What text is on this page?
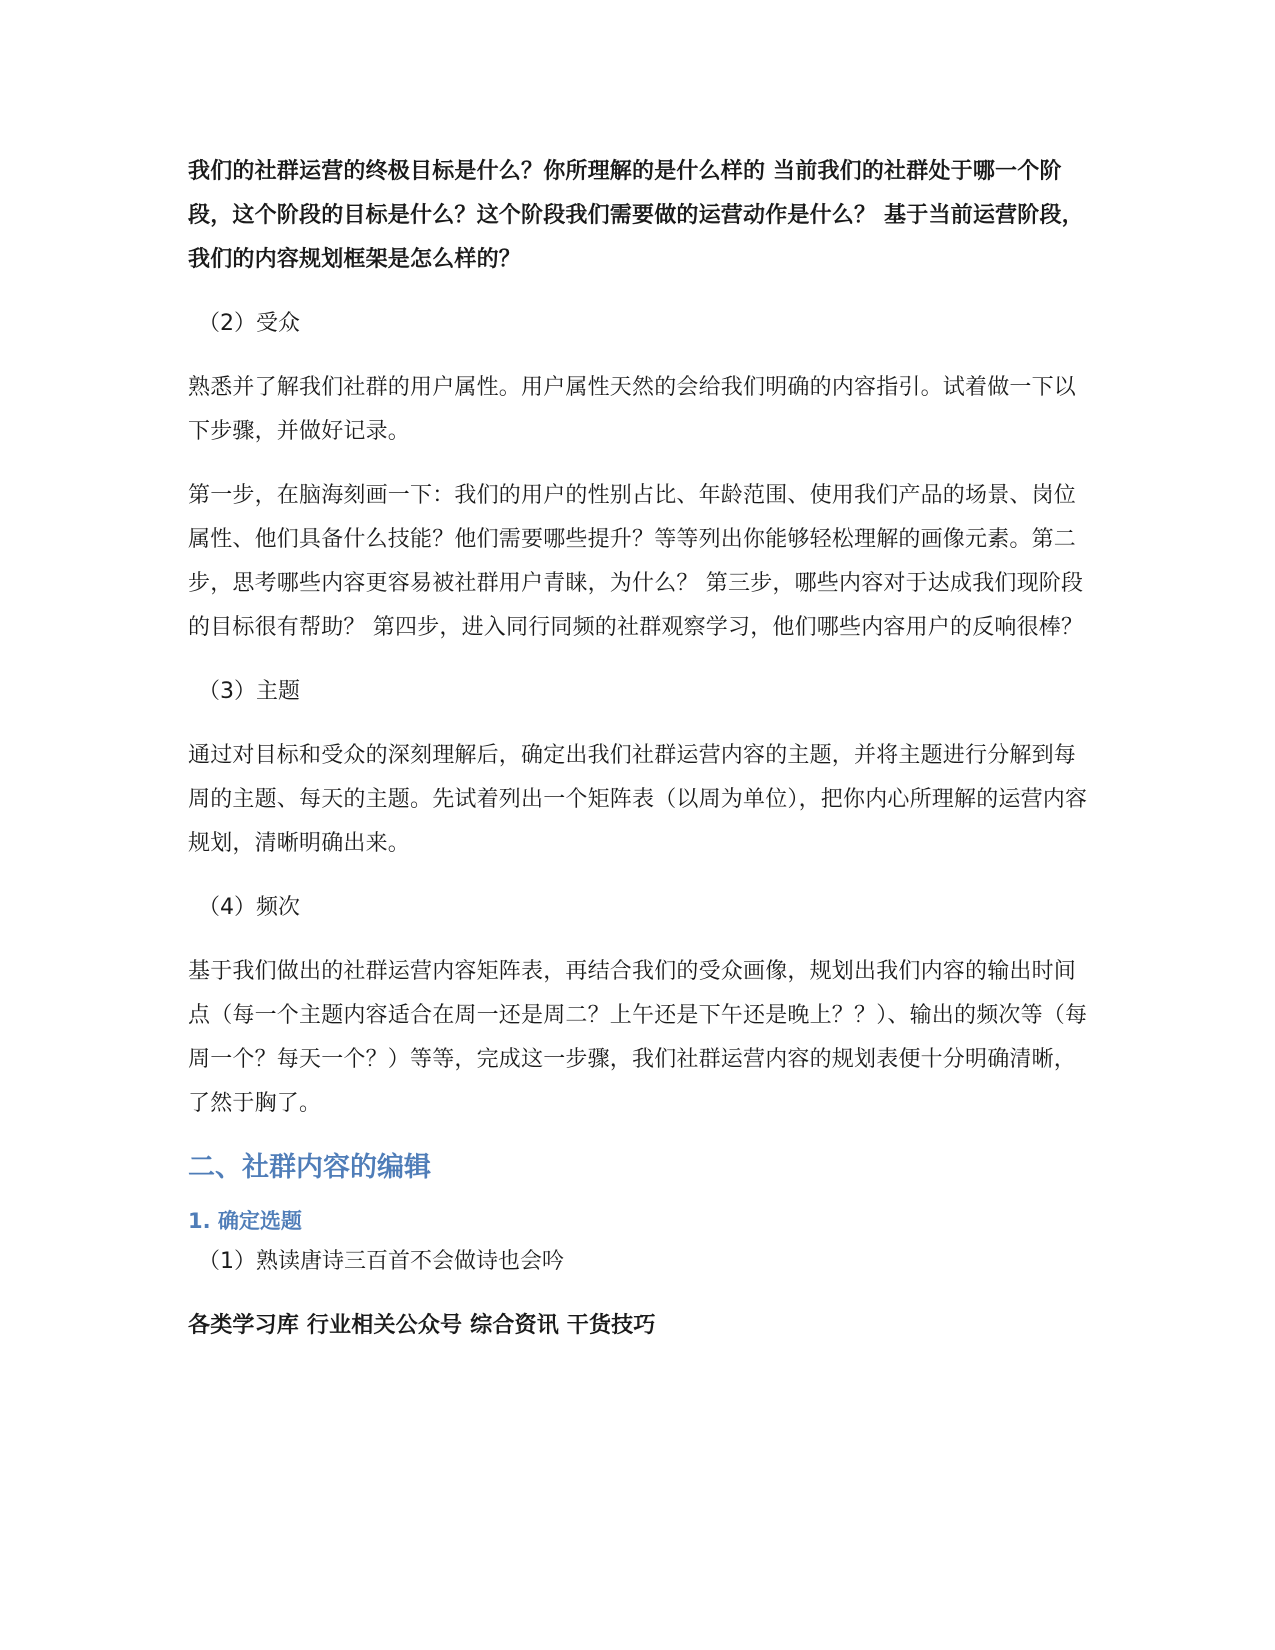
我们的社群运营的终极目标是什么？你所理解的是什么样的 当前我们的社群处于哪一个阶段，这个阶段的目标是什么？这个阶段我们需要做的运营动作是什么？ 基于当前运营阶段，我们的内容规划框架是怎么样的？

（2）受众

熟悉并了解我们社群的用户属性。用户属性天然的会给我们明确的内容指引。试着做一下以下步骤，并做好记录。

第一步，在脑海刻画一下：我们的用户的性别占比、年龄范围、使用我们产品的场景、岗位属性、他们具备什么技能？他们需要哪些提升？等等列出你能够轻松理解的画像元素。第二步，思考哪些内容更容易被社群用户青睐，为什么？ 第三步，哪些内容对于达成我们现阶段的目标很有帮助？ 第四步，进入同行同频的社群观察学习，他们哪些内容用户的反响很棒？

（3）主题

通过对目标和受众的深刻理解后，确定出我们社群运营内容的主题，并将主题进行分解到每周的主题、每天的主题。先试着列出一个矩阵表（以周为单位），把你内心所理解的运营内容规划，清晰明确出来。

（4）频次

基于我们做出的社群运营内容矩阵表，再结合我们的受众画像，规划出我们内容的输出时间点（每一个主题内容适合在周一还是周二？上午还是下午还是晚上？？）、输出的频次等（每周一个？每天一个？）等等，完成这一步骤，我们社群运营内容的规划表便十分明确清晰，了然于胸了。

二、社群内容的编辑
1. 确定选题

（1）熟读唐诗三百首不会做诗也会吟

各类学习库 行业相关公众号 综合资讯 干货技巧
